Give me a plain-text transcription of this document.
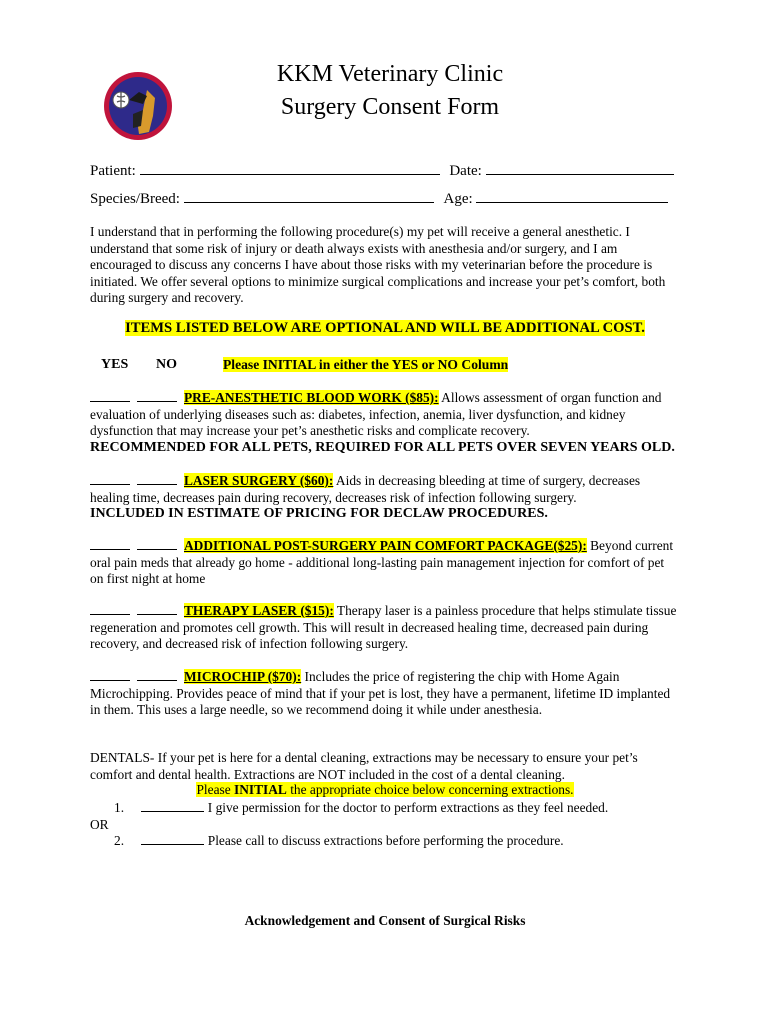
KKM Veterinary Clinic
Surgery Consent Form
Patient:	Date:
Species/Breed:	Age:
I understand that in performing the following procedure(s) my pet will receive a general anesthetic. I understand that some risk of injury or death always exists with anesthesia and/or surgery, and I am encouraged to discuss any concerns I have about those risks with my veterinarian before the procedure is initiated. We offer several options to minimize surgical complications and increase your pet’s comfort, both during surgery and recovery.
ITEMS LISTED BELOW ARE OPTIONAL AND WILL BE ADDITIONAL COST.
YES NO	Please INITIAL in either the YES or NO Column
PRE-ANESTHETIC BLOOD WORK ($85): Allows assessment of organ function and evaluation of underlying diseases such as: diabetes, infection, anemia, liver dysfunction, and kidney dysfunction that may increase your pet’s anesthetic risks and complicate recovery.
RECOMMENDED FOR ALL PETS, REQUIRED FOR ALL PETS OVER SEVEN YEARS OLD.
LASER SURGERY ($60): Aids in decreasing bleeding at time of surgery, decreases healing time, decreases pain during recovery, decreases risk of infection following surgery.
INCLUDED IN ESTIMATE OF PRICING FOR DECLAW PROCEDURES.
ADDITIONAL POST-SURGERY PAIN COMFORT PACKAGE($25): Beyond current oral pain meds that already go home - additional long-lasting pain management injection for comfort of pet on first night at home
THERAPY LASER ($15): Therapy laser is a painless procedure that helps stimulate tissue regeneration and promotes cell growth. This will result in decreased healing time, decreased pain during recovery, and decreased risk of infection following surgery.
MICROCHIP ($70): Includes the price of registering the chip with Home Again Microchipping. Provides peace of mind that if your pet is lost, they have a permanent, lifetime ID implanted in them. This uses a large needle, so we recommend doing it while under anesthesia.
DENTALS- If your pet is here for a dental cleaning, extractions may be necessary to ensure your pet’s comfort and dental health. Extractions are NOT included in the cost of a dental cleaning.
Please INITIAL the appropriate choice below concerning extractions.
1.	I give permission for the doctor to perform extractions as they feel needed.
OR
2.	Please call to discuss extractions before performing the procedure.
Acknowledgement and Consent of Surgical Risks
